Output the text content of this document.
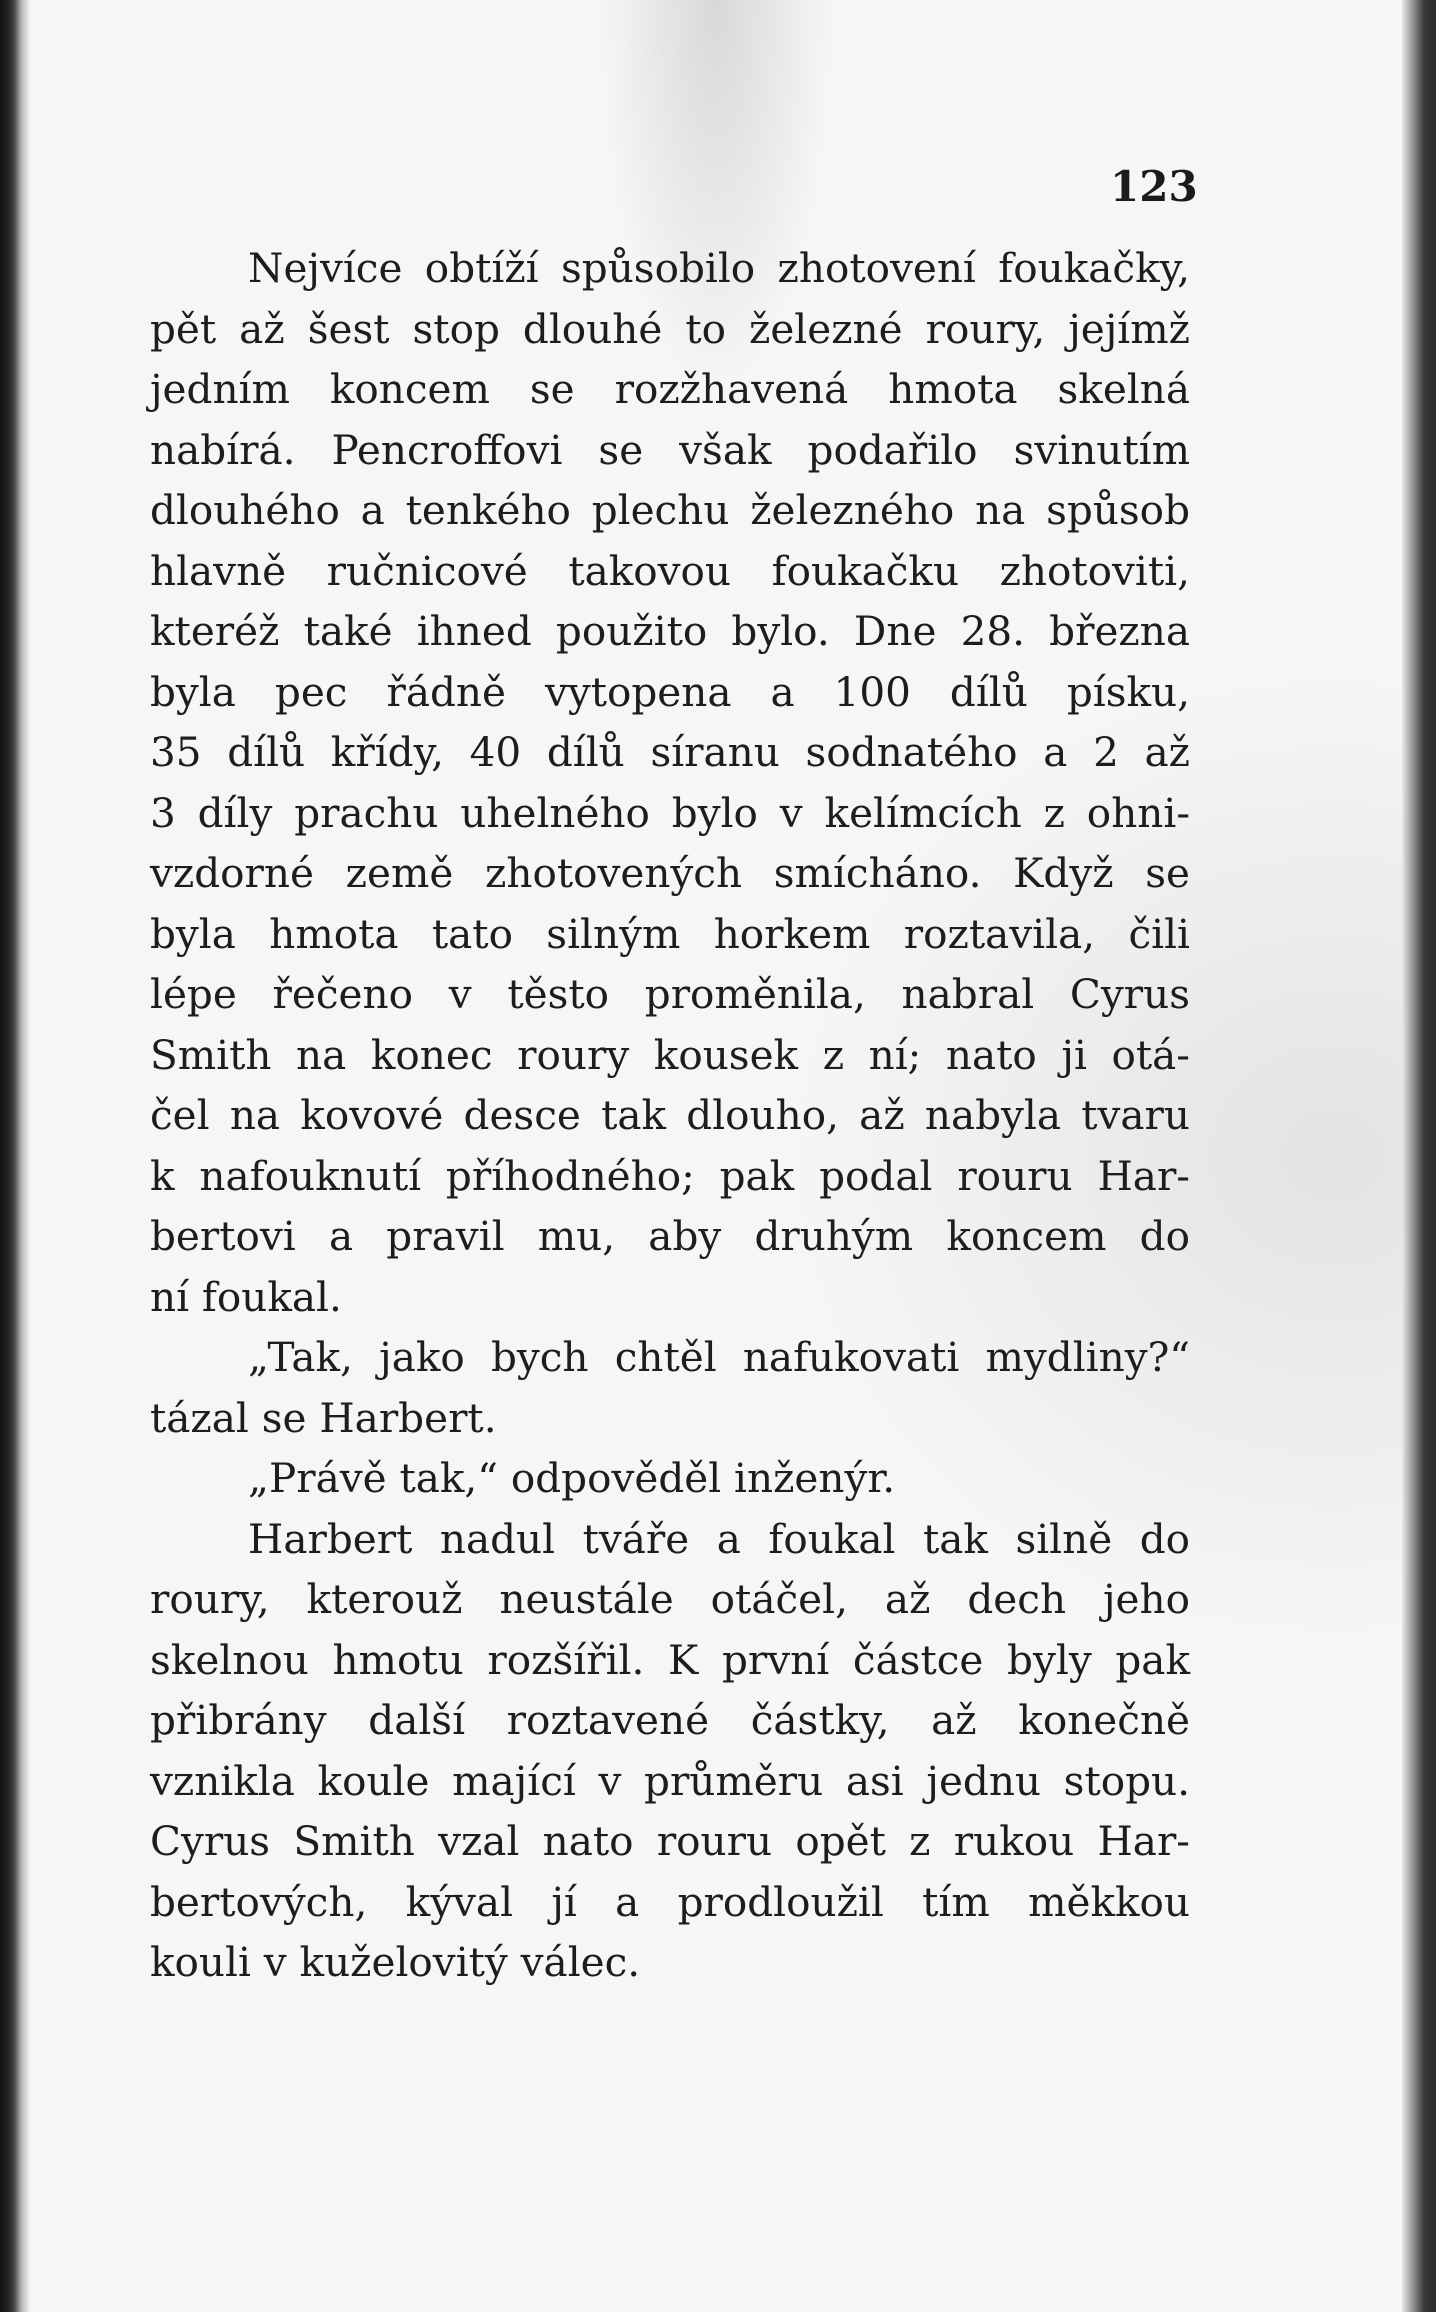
123
Nejvíce obtíží spůsobilo zhotovení foukačky,
pět až šest stop dlouhé to železné roury, jejímž
jedním koncem se rozžhavená hmota skelná
nabírá. Pencroffovi se však podařilo svinutím
dlouhého a tenkého plechu železného na spůsob
hlavně ručnicové takovou foukačku zhotoviti,
kteréž také ihned použito bylo. Dne 28. března
byla pec řádně vytopena a 100 dílů písku,
35 dílů křídy, 40 dílů síranu sodnatého a 2 až
3 díly prachu uhelného bylo v kelímcích z ohni-
vzdorné země zhotovených smícháno. Když se
byla hmota tato silným horkem roztavila, čili
lépe řečeno v těsto proměnila, nabral Cyrus
Smith na konec roury kousek z ní; nato ji otá-
čel na kovové desce tak dlouho, až nabyla tvaru
k nafouknutí příhodného; pak podal rouru Har-
bertovi a pravil mu, aby druhým koncem do
ní foukal.
„Tak, jako bych chtěl nafukovati mydliny?“
tázal se Harbert.
„Právě tak,“ odpověděl inženýr.
Harbert nadul tváře a foukal tak silně do
roury, kterouž neustále otáčel, až dech jeho
skelnou hmotu rozšířil. K první částce byly pak
přibrány další roztavené částky, až konečně
vznikla koule mající v průměru asi jednu stopu.
Cyrus Smith vzal nato rouru opět z rukou Har-
bertových, kýval jí a prodloužil tím měkkou
kouli v kuželovitý válec.
